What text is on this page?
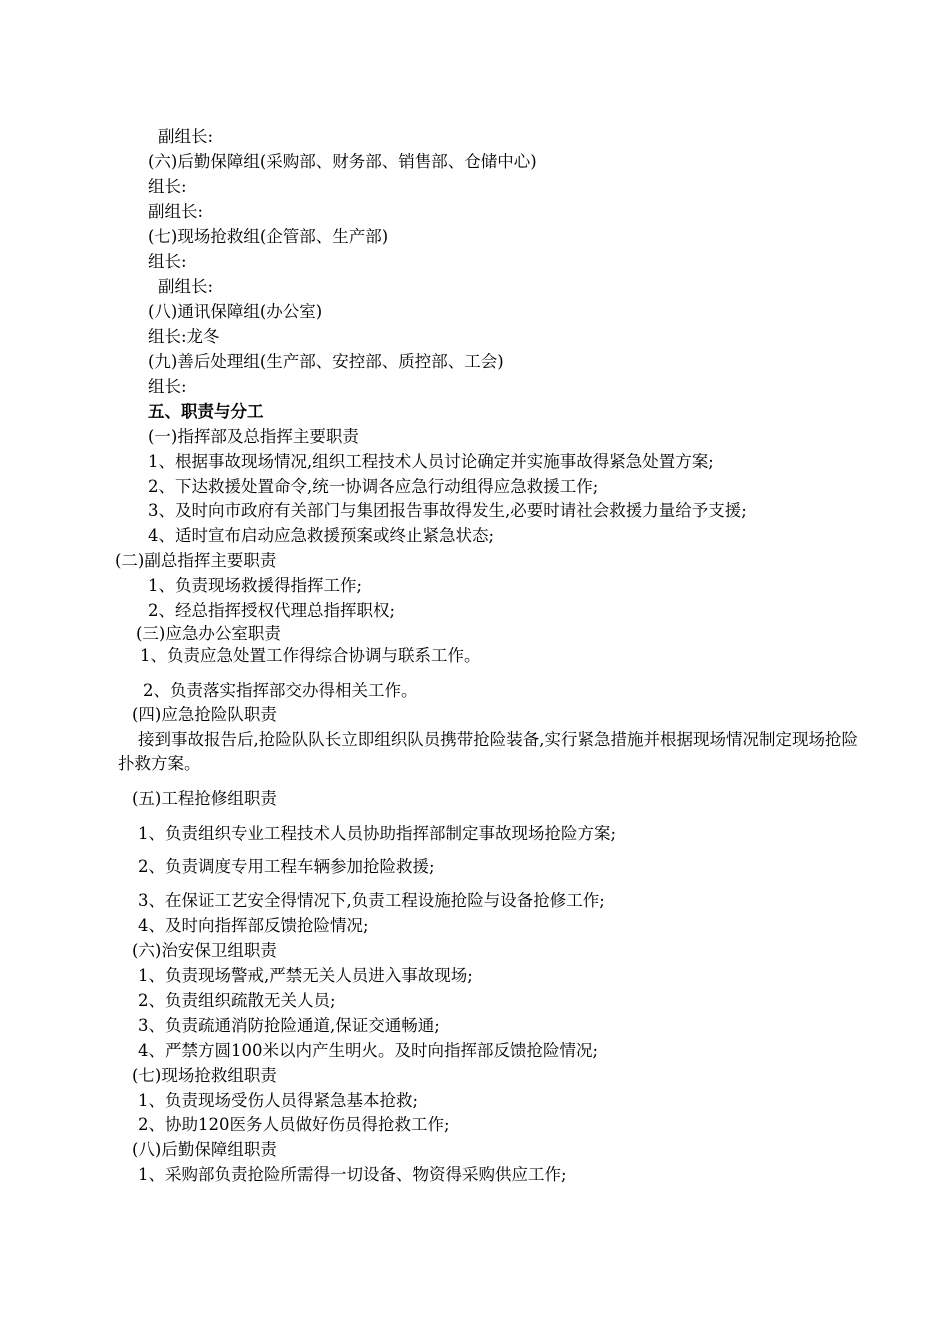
副组长:
(六)后勤保障组(采购部、财务部、销售部、仓储中心)
组长:
副组长:
(七)现场抢救组(企管部、生产部)
组长:
副组长:
(八)通讯保障组(办公室)
组长:龙冬
(九)善后处理组(生产部、安控部、质控部、工会)
组长:
五、职责与分工
(一)指挥部及总指挥主要职责
1、根据事故现场情况,组织工程技术人员讨论确定并实施事故得紧急处置方案;
2、下达救援处置命令,统一协调各应急行动组得应急救援工作;
3、及时向市政府有关部门与集团报告事故得发生,必要时请社会救援力量给予支援;
4、适时宣布启动应急救援预案或终止紧急状态;
(二)副总指挥主要职责
1、负责现场救援得指挥工作;
2、经总指挥授权代理总指挥职权;
(三)应急办公室职责
1、负责应急处置工作得综合协调与联系工作。
2、负责落实指挥部交办得相关工作。
(四)应急抢险队职责
接到事故报告后,抢险队队长立即组织队员携带抢险装备,实行紧急措施并根据现场情况制定现场抢险扑救方案。
(五)工程抢修组职责
1、负责组织专业工程技术人员协助指挥部制定事故现场抢险方案;
2、负责调度专用工程车辆参加抢险救援;
3、在保证工艺安全得情况下,负责工程设施抢险与设备抢修工作;
4、及时向指挥部反馈抢险情况;
(六)治安保卫组职责
1、负责现场警戒,严禁无关人员进入事故现场;
2、负责组织疏散无关人员;
3、负责疏通消防抢险通道,保证交通畅通;
4、严禁方圆100米以内产生明火。及时向指挥部反馈抢险情况;
(七)现场抢救组职责
1、负责现场受伤人员得紧急基本抢救;
2、协助120医务人员做好伤员得抢救工作;
(八)后勤保障组职责
1、采购部负责抢险所需得一切设备、物资得采购供应工作;
